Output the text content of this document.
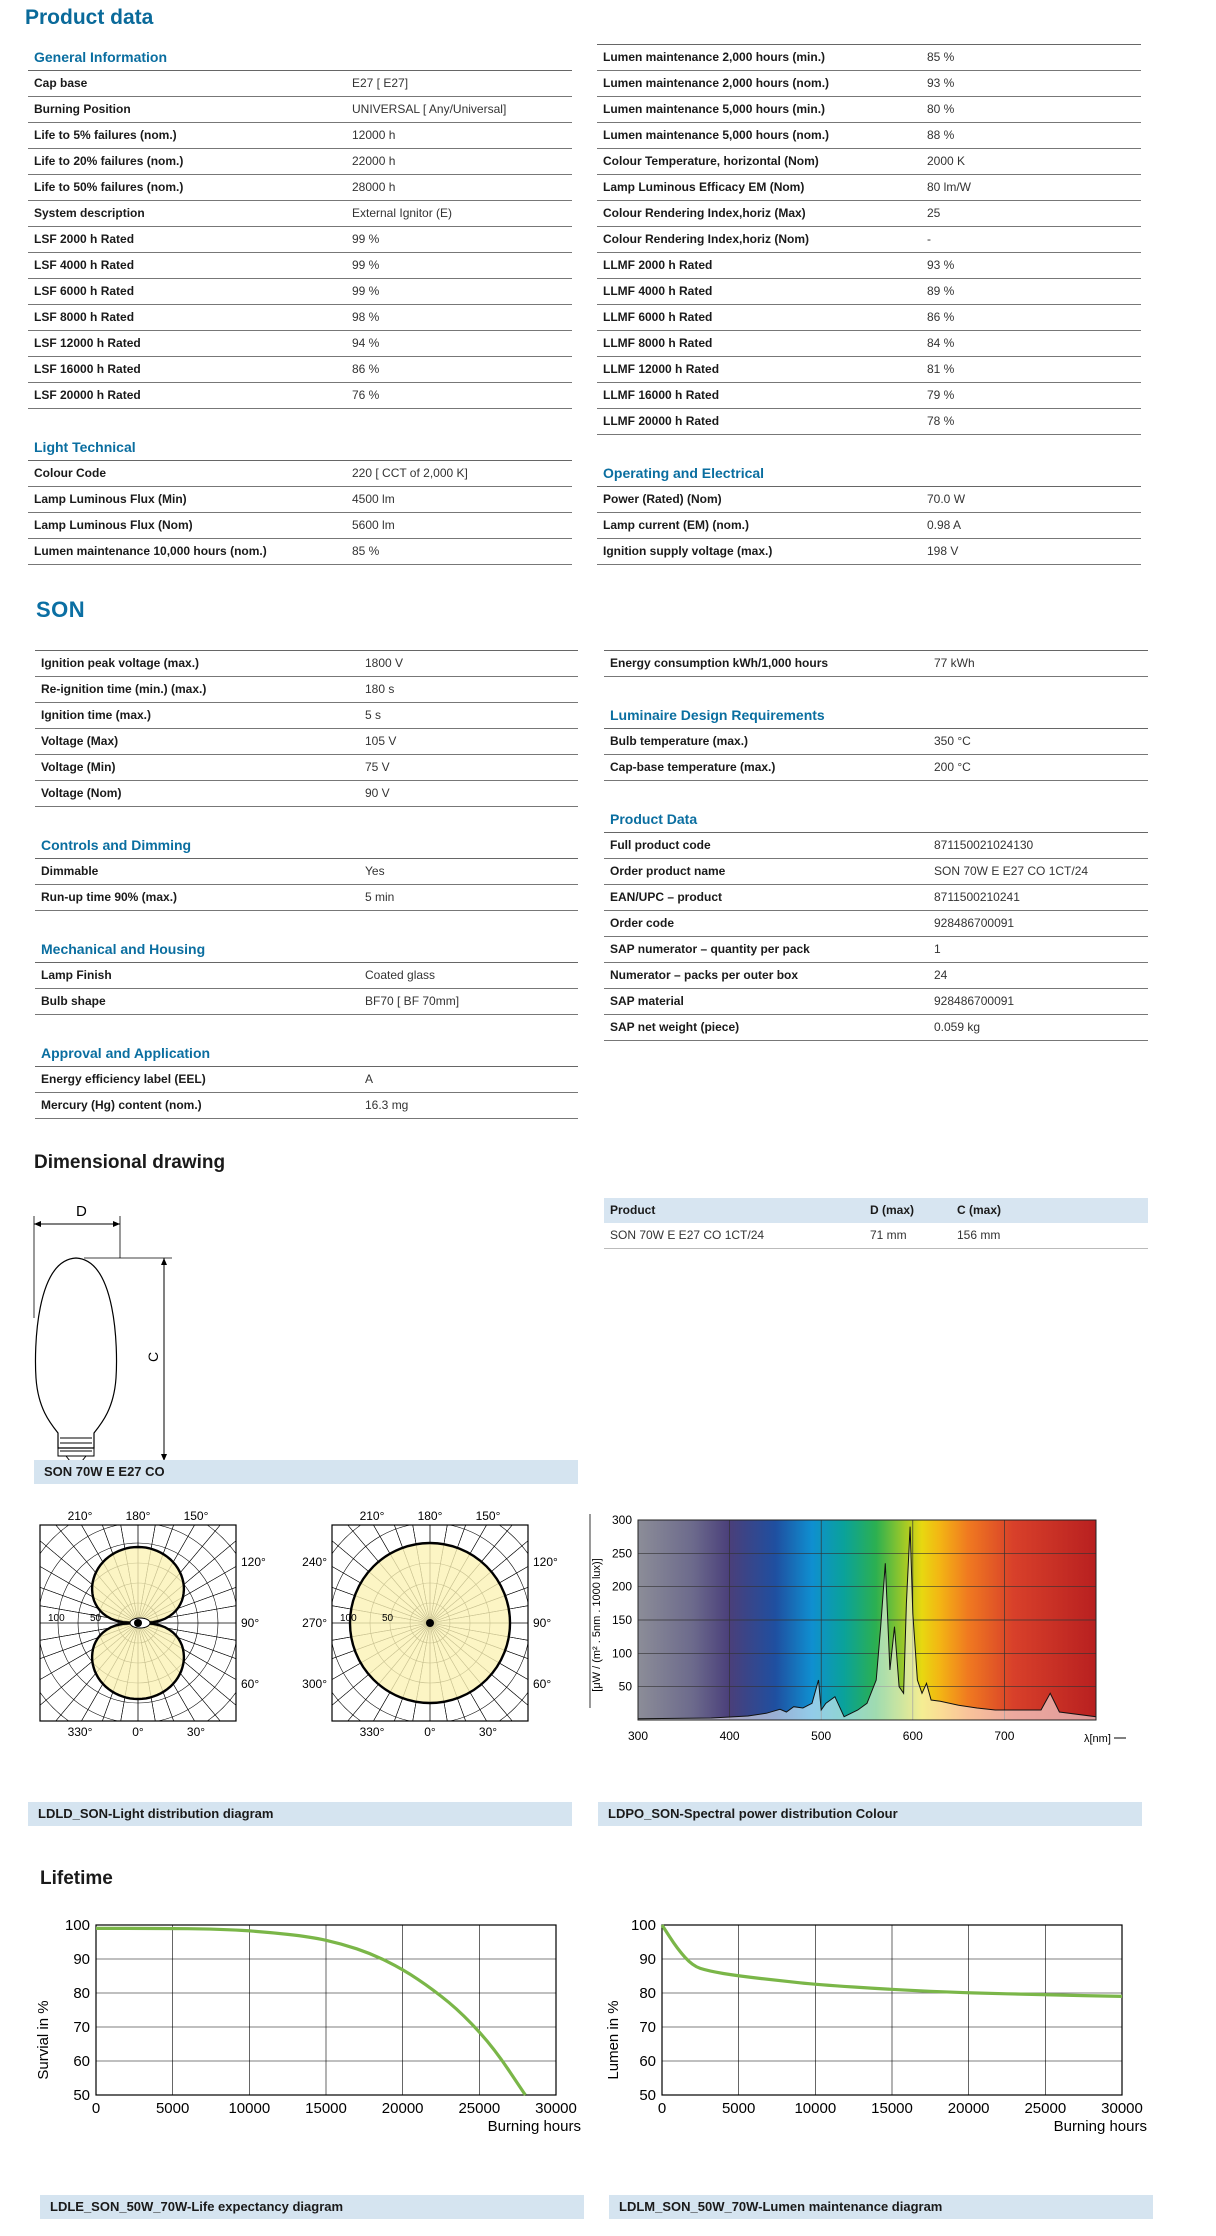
Product data
General Information
Cap base	E27 [ E27]
Burning Position	UNIVERSAL [ Any/Universal]
Life to 5% failures (nom.)	12000 h
Life to 20% failures (nom.)	22000 h
Life to 50% failures (nom.)	28000 h
System description	External Ignitor (E)
LSF 2000 h Rated	99 %
LSF 4000 h Rated	99 %
LSF 6000 h Rated	99 %
LSF 8000 h Rated	98 %
LSF 12000 h Rated	94 %
LSF 16000 h Rated	86 %
LSF 20000 h Rated	76 %
Light Technical
Colour Code	220 [ CCT of 2,000 K]
Lamp Luminous Flux (Min)	4500 lm
Lamp Luminous Flux (Nom)	5600 lm
Lumen maintenance 10,000 hours (nom.)	85 %
Lumen maintenance 2,000 hours (min.)	85 %
Lumen maintenance 2,000 hours (nom.)	93 %
Lumen maintenance 5,000 hours (min.)	80 %
Lumen maintenance 5,000 hours (nom.)	88 %
Colour Temperature, horizontal (Nom)	2000 K
Lamp Luminous Efficacy EM (Nom)	80 lm/W
Colour Rendering Index,horiz (Max)	25
Colour Rendering Index,horiz (Nom)	-
LLMF 2000 h Rated	93 %
LLMF 4000 h Rated	89 %
LLMF 6000 h Rated	86 %
LLMF 8000 h Rated	84 %
LLMF 12000 h Rated	81 %
LLMF 16000 h Rated	79 %
LLMF 20000 h Rated	78 %
Operating and Electrical
Power (Rated) (Nom)	70.0 W
Lamp current (EM) (nom.)	0.98 A
Ignition supply voltage (max.)	198 V
SON
Ignition peak voltage (max.)	1800 V
Re-ignition time (min.) (max.)	180 s
Ignition time (max.)	5 s
Voltage (Max)	105 V
Voltage (Min)	75 V
Voltage (Nom)	90 V
Controls and Dimming
Dimmable	Yes
Run-up time 90% (max.)	5 min
Mechanical and Housing
Lamp Finish	Coated glass
Bulb shape	BF70 [ BF 70mm]
Approval and Application
Energy efficiency label (EEL)	A
Mercury (Hg) content (nom.)	16.3 mg
Energy consumption kWh/1,000 hours	77 kWh
Luminaire Design Requirements
Bulb temperature (max.)	350 °C
Cap-base temperature (max.)	200 °C
Product Data
Full product code	871150021024130
Order product name	SON 70W E E27 CO 1CT/24
EAN/UPC – product	8711500210241
Order code	928486700091
SAP numerator – quantity per pack	1
Numerator – packs per outer box	24
SAP material	928486700091
SAP net weight (piece)	0.059 kg
Dimensional drawing
D
C
SON 70W E E27 CO
Product	D (max)	C (max)
SON 70W E E27 CO 1CT/24	71 mm	156 mm
210°	180°	150°
330°	0°	30°
120°
90°
60°
100	50
210°	180°	150°
330°	0°	30°
120°
90°
60°
240°
270°
300°
100	50
50
100
150
200
250
300
300	400	500	600	700	λ[nm]
[μW / (m² . 5nm . 1000 lux)]
LDLD_SON-Light distribution diagram	LDPO_SON-Spectral power distribution Colour
Lifetime
50
60
70
80
90
100
0	5000	10000 15000 20000 25000 30000
Burning hours
Survial in %
50
60
70
80
90
100
0	5000	10000 15000 20000 25000 30000
Burning hours
Lumen in %
LDLE_SON_50W_70W-Life expectancy diagram	LDLM_SON_50W_70W-Lumen maintenance diagram
